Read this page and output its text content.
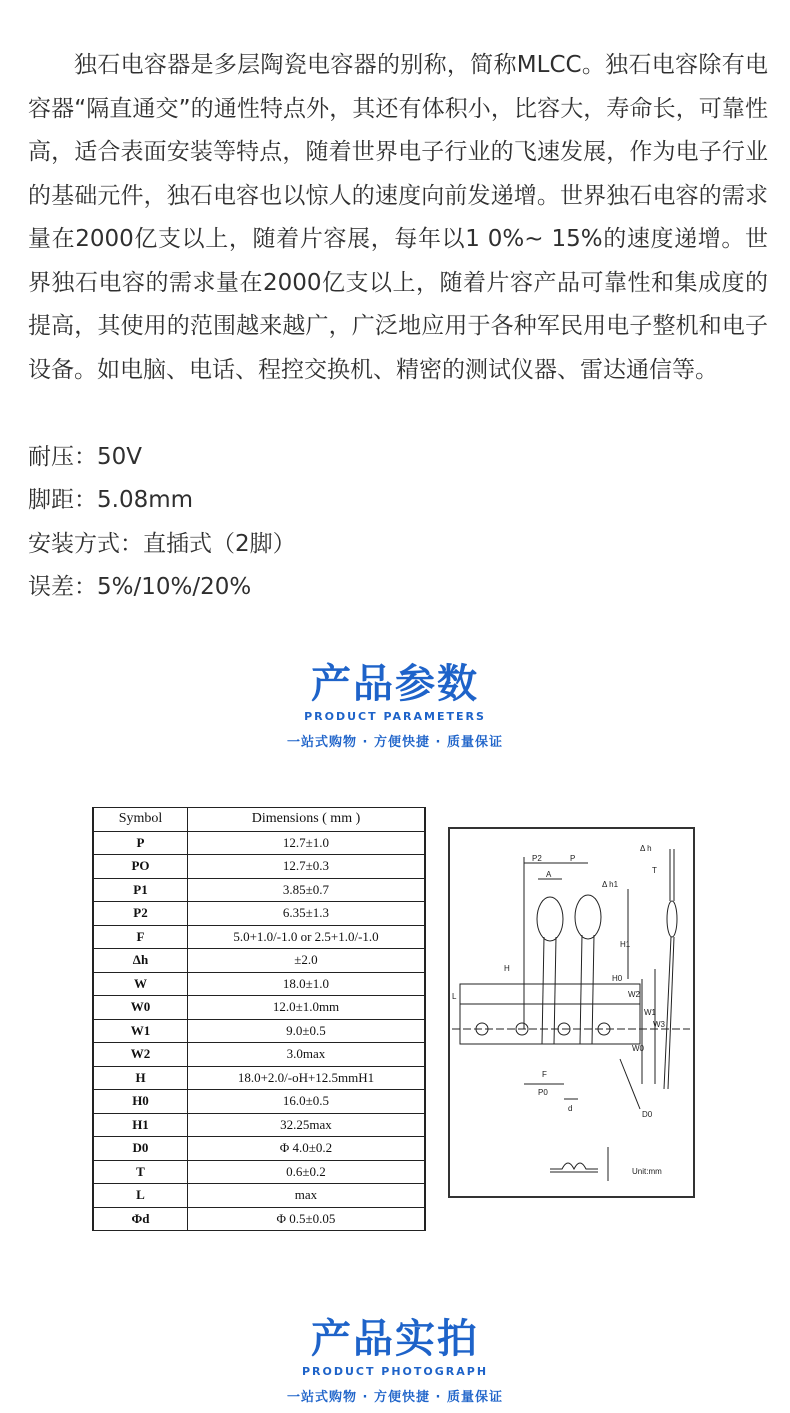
独石电容器是多层陶瓷电容器的别称，简称MLCC。独石电容除有电容器“隔直通交”的通性特点外，其还有体积小，比容大，寿命长，可靠性高，适合表面安装等特点，随着世界电子行业的飞速发展，作为电子行业的基础元件，独石电容也以惊人的速度向前发递增。世界独石电容的需求量在2000亿支以上，随着片容展，每年以1 0%~ 15%的速度递增。世界独石电容的需求量在2000亿支以上，随着片容产品可靠性和集成度的提高，其使用的范围越来越广，广泛地应用于各种军民用电子整机和电子设备。如电脑、电话、程控交换机、精密的测试仪器、雷达通信等。

耐压：50V
脚距：5.08mm
安装方式：直插式（2脚）
误差：5%/10%/20%
产品参数
PRODUCT PARAMETERS
一站式购物 · 方便快捷 · 质量保证
Symbol	Dimensions ( mm )
P	12.7±1.0
PO	12.7±0.3
P1	3.85±0.7
P2	6.35±1.3
F	5.0+1.0/-1.0 or 2.5+1.0/-1.0
Δh	±2.0
W	18.0±1.0
W0	12.0±1.0mm
W1	9.0±0.5
W2	3.0max
H	18.0+2.0/-oH+12.5mmH1
H0	16.0±0.5
H1	32.25max
D0	Φ 4.0±0.2
T	0.6±0.2
L	max
Φd	Φ 0.5±0.05
P2	P
A
Δ h1
Δ h
T
H
H1
H0
W2
W1
W3
W0
L
F
P0
d
D0
Unit:mm
产品实拍
PRODUCT PHOTOGRAPH
一站式购物 · 方便快捷 · 质量保证
